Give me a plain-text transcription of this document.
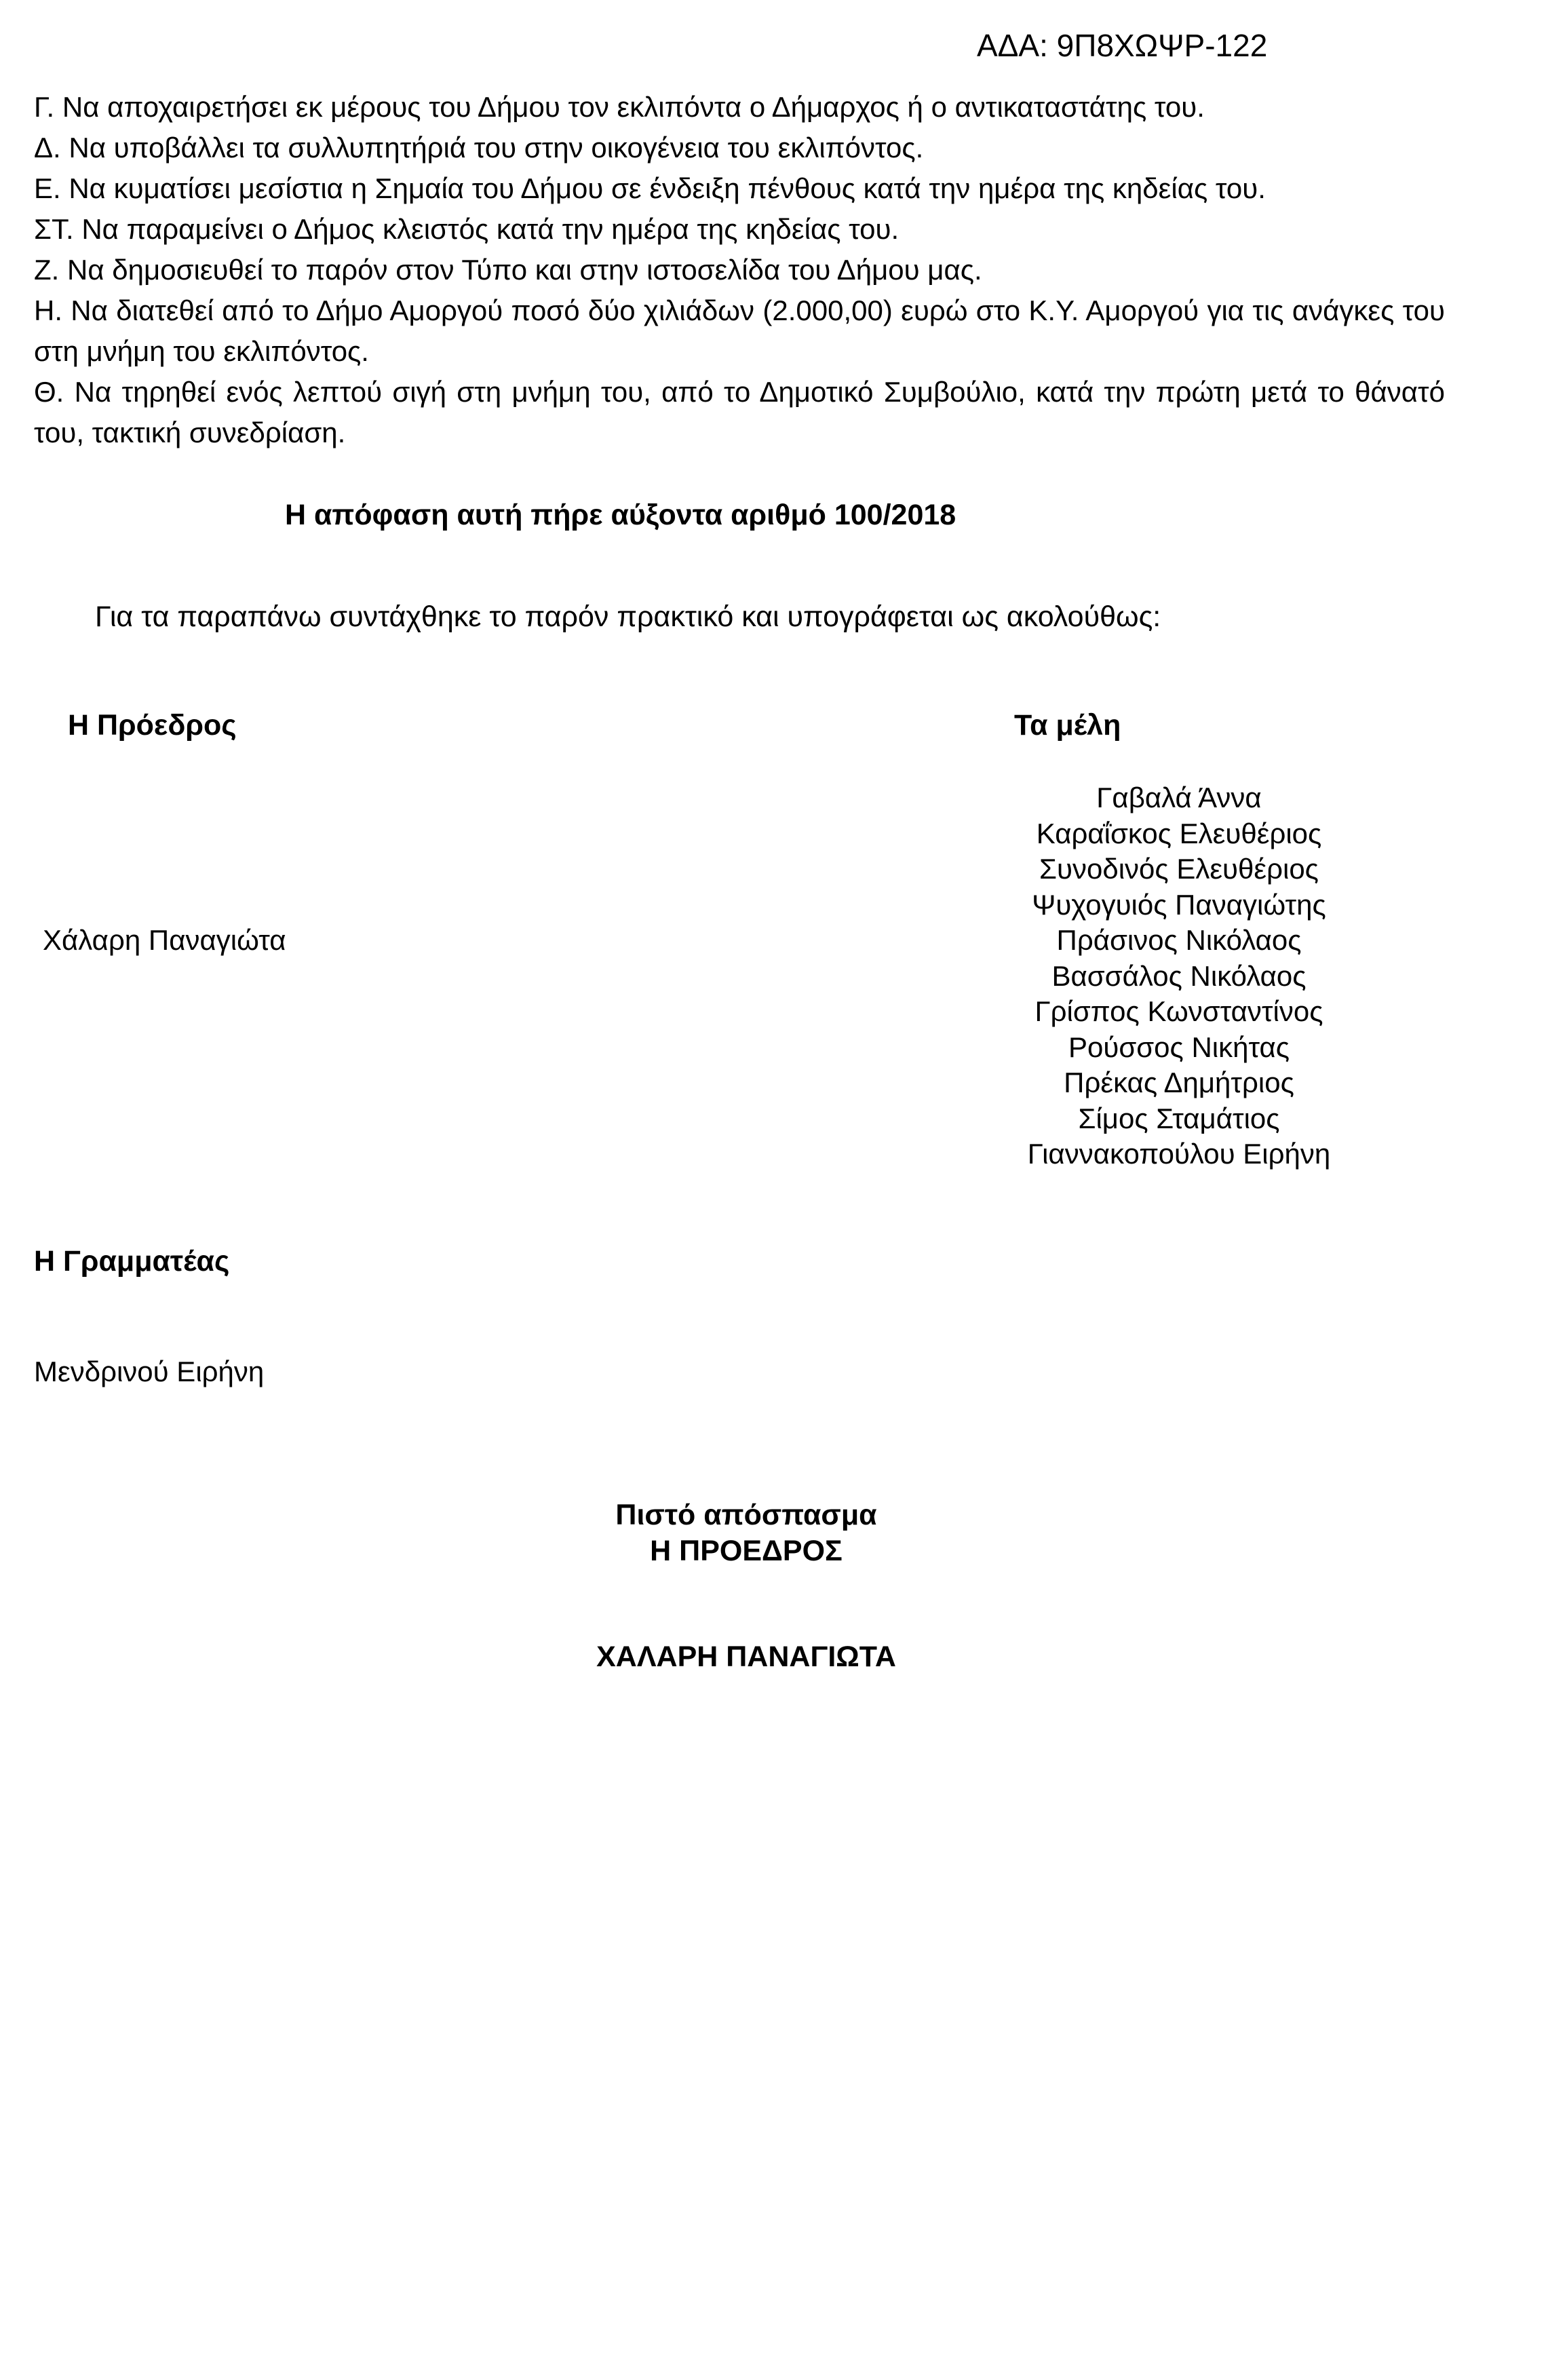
ΑΔΑ: 9Π8ΧΩΨΡ-122

Γ. Να αποχαιρετήσει εκ μέρους του Δήμου τον εκλιπόντα ο Δήμαρχος ή ο αντικαταστάτης του.

Δ. Να υποβάλλει τα συλλυπητήριά του στην οικογένεια του εκλιπόντος.

Ε. Να κυματίσει μεσίστια η Σημαία του Δήμου σε ένδειξη πένθους κατά την ημέρα της κηδείας του.

ΣΤ. Να παραμείνει ο Δήμος κλειστός κατά την ημέρα της κηδείας του.

Ζ. Να δημοσιευθεί το παρόν στον Τύπο και στην ιστοσελίδα του Δήμου μας.

Η. Να διατεθεί από το Δήμο Αμοργού ποσό δύο χιλιάδων (2.000,00) ευρώ στο Κ.Υ. Αμοργού για τις ανάγκες του στη μνήμη του εκλιπόντος.

Θ. Να τηρηθεί ενός λεπτού σιγή στη μνήμη του, από το Δημοτικό Συμβούλιο, κατά την πρώτη μετά το θάνατό του, τακτική συνεδρίαση.

Η απόφαση αυτή πήρε αύξοντα αριθμό 100/2018
Για τα παραπάνω συντάχθηκε το παρόν πρακτικό και υπογράφεται ως ακολούθως:
Η Πρόεδρος	Τα μέλη
Χάλαρη Παναγιώτα
Γαβαλά Άννα
Καραΐσκος Ελευθέριος
Συνοδινός Ελευθέριος
Ψυχογυιός Παναγιώτης
Πράσινος Νικόλαος
Βασσάλος Νικόλαος
Γρίσπος Κωνσταντίνος
Ρούσσος Νικήτας
Πρέκας Δημήτριος
Σίμος Σταμάτιος
Γιαννακοπούλου Ειρήνη
Η Γραμματέας
Μενδρινού Ειρήνη
Πιστό απόσπασμα
Η ΠΡΟΕΔΡΟΣ
ΧΑΛΑΡΗ ΠΑΝΑΓΙΩΤΑ
